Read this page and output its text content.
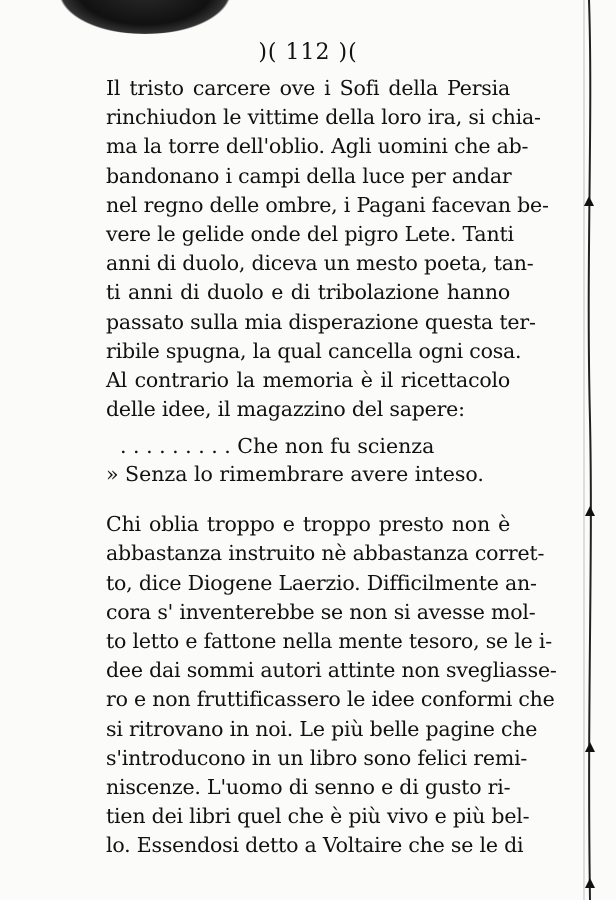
)( 112 )(
Il tristo carcere ove i Sofi della Persia
rinchiudon le vittime della loro ira, si chia-
ma la torre dell'oblio. Agli uomini che ab-
bandonano i campi della luce per andar
nel regno delle ombre, i Pagani facevan be-
vere le gelide onde del pigro Lete. Tanti
anni di duolo, diceva un mesto poeta, tan-
ti anni di duolo e di tribolazione hanno
passato sulla mia disperazione questa ter-
ribile spugna, la qual cancella ogni cosa.
Al contrario la memoria è il ricettacolo
delle idee, il magazzino del sapere:
. . . . . . . . . Che non fu scienza
» Senza lo rimembrare avere inteso.
Chi oblia troppo e troppo presto non è
abbastanza instruito nè abbastanza corret-
to, dice Diogene Laerzio. Difficilmente an-
cora s' inventerebbe se non si avesse mol-
to letto e fattone nella mente tesoro, se le i-
dee dai sommi autori attinte non svegliasse-
ro e non fruttificassero le idee conformi che
si ritrovano in noi. Le più belle pagine che
s'introducono in un libro sono felici remi-
niscenze. L'uomo di senno e di gusto ri-
tien dei libri quel che è più vivo e più bel-
lo. Essendosi detto a Voltaire che se le di
